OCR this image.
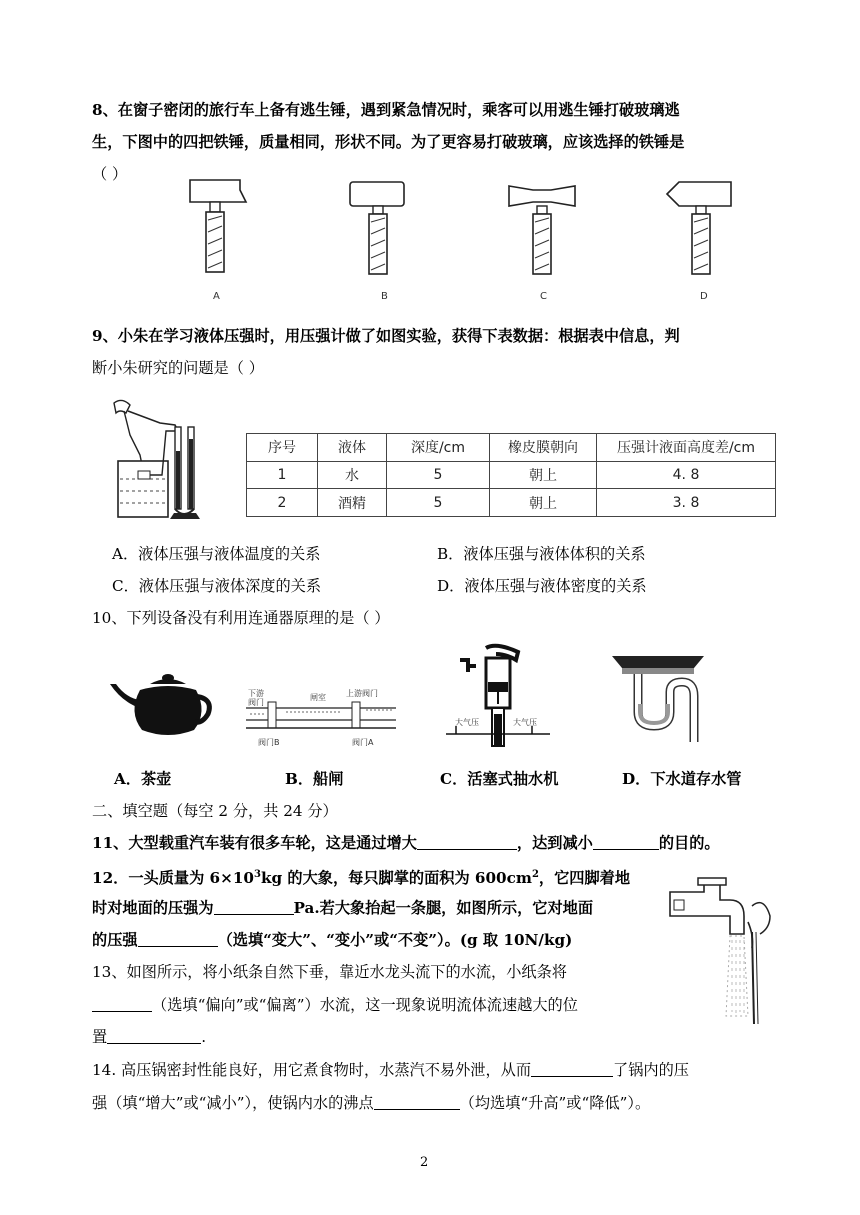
8、在窗子密闭的旅行车上备有逃生锤，遇到紧急情况时，乘客可以用逃生锤打破玻璃逃
生，下图中的四把铁锤，质量相同，形状不同。为了更容易打破玻璃，应该选择的铁锤是
（ ）
A	B	C	D
9、小朱在学习液体压强时，用压强计做了如图实验，获得下表数据：根据表中信息，判
断小朱研究的问题是（ ）
序号	液体	深度/cm	橡皮膜朝向	压强计液面高度差/cm
1	水	5	朝上	4. 8
2	酒精	5	朝上	3. 8
A．液体压强与液体温度的关系	B．液体压强与液体体积的关系
C．液体压强与液体深度的关系	D．液体压强与液体密度的关系
10、下列设备没有利用连通器原理的是（ ）
下游
阀门
闸室	上游阀门
阀门B	阀门A
大气压	大气压
A．茶壶	B．船闸	C．活塞式抽水机	D．下水道存水管
二、填空题（每空 2 分，共 24 分）
11、大型载重汽车装有很多车轮，这是通过增大	，达到减小	的目的。
12．一头质量为 $6\times 10^3kg$ 的大象，每只脚掌的面积为 $600cm^2$，它四脚着地
时对地面的压强为	Pa.若大象抬起一条腿，如图所示，它对地面
的压强	（选填“变大”、“变小”或“不变”）。(g 取 10N/kg)
13、如图所示，将小纸条自然下垂，靠近水龙头流下的水流，小纸条将
（选填“偏向”或“偏离”）水流，这一现象说明流体流速越大的位
置	.
14. 高压锅密封性能良好，用它煮食物时，水蒸汽不易外泄，从而	了锅内的压
强（填“增大”或“减小”），使锅内水的沸点	（均选填“升高”或“降低”）。
2
